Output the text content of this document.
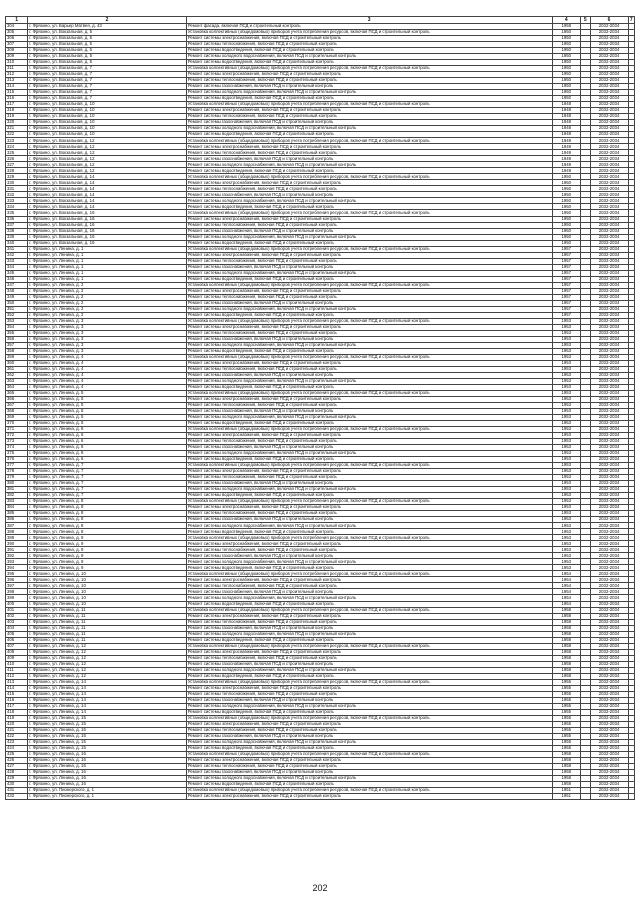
1	2	3	4	5	6	7
304	г. Фрязино, ул. Барьер Матвея, д. 43	Ремонт фасада, включая ПСД и строительный контроль	1958		2032-2034	
305	г. Фрязино, ул. Вокзальная, д. 5	Установка коллективных (общедомовых) приборов учета потребления ресурсов, включая ПСД и строительный контроль	1950		2032-2034	
306	г. Фрязино, ул. Вокзальная, д. 5	Ремонт системы электроснабжения, включая ПСД и строительный контроль	1950		2032-2034	
307	г. Фрязино, ул. Вокзальная, д. 5	Ремонт системы теплоснабжения, включая ПСД и строительный контроль	1950		2032-2034	
308	г. Фрязино, ул. Вокзальная, д. 5	Ремонт системы водоотведения, включая ПСД и строительный контроль	1950		2032-2034	
309	г. Фрязино, ул. Вокзальная, д. 5	Ремонт системы холодного водоснабжения, включая ПСД и строительный контроль	1950		2032-2034	
310	г. Фрязино, ул. Вокзальная, д. 5	Ремонт системы водоотведения, включая ПСД и строительный контроль	1950		2032-2034	
311	г. Фрязино, ул. Вокзальная, д. 7	Установка коллективных (общедомовых) приборов учета потребления ресурсов, включая ПСД и строительный контроль	1950		2032-2034	
312	г. Фрязино, ул. Вокзальная, д. 7	Ремонт системы электроснабжения, включая ПСД и строительный контроль	1950		2032-2034	
313	г. Фрязино, ул. Вокзальная, д. 7	Ремонт системы теплоснабжения, включая ПСД и строительный контроль	1950		2032-2034	
314	г. Фрязино, ул. Вокзальная, д. 7	Ремонт системы газоснабжения, включая ПСД и строительный контроль	1950		2032-2034	
315	г. Фрязино, ул. Вокзальная, д. 7	Ремонт системы холодного водоснабжения, включая ПСД и строительный контроль	1950		2032-2034	
316	г. Фрязино, ул. Вокзальная, д. 7	Ремонт системы водоотведения, включая ПСД и строительный контроль	1950		2032-2034	
317	г. Фрязино, ул. Вокзальная, д. 10	Установка коллективных (общедомовых) приборов учета потребления ресурсов, включая ПСД и строительный контроль	1948		2032-2034	
318	г. Фрязино, ул. Вокзальная, д. 10	Ремонт системы электроснабжения, включая ПСД и строительный контроль	1948		2032-2034	
319	г. Фрязино, ул. Вокзальная, д. 10	Ремонт системы теплоснабжения, включая ПСД и строительный контроль	1948		2032-2034	
320	г. Фрязино, ул. Вокзальная, д. 10	Ремонт системы газоснабжения, включая ПСД и строительный контроль	1948		2032-2034	
321	г. Фрязино, ул. Вокзальная, д. 10	Ремонт системы холодного водоснабжения, включая ПСД и строительный контроль	1948		2032-2034	
322	г. Фрязино, ул. Вокзальная, д. 10	Ремонт системы водоотведения, включая ПСД и строительный контроль	1948		2032-2034	
323	г. Фрязино, ул. Вокзальная, д. 12	Установка коллективных (общедомовых) приборов учета потребления ресурсов, включая ПСД и строительный контроль	1949		2032-2034	
324	г. Фрязино, ул. Вокзальная, д. 12	Ремонт системы электроснабжения, включая ПСД и строительный контроль	1949		2032-2034	
325	г. Фрязино, ул. Вокзальная, д. 12	Ремонт системы теплоснабжения, включая ПСД и строительный контроль	1949		2032-2034	
326	г. Фрязино, ул. Вокзальная, д. 12	Ремонт системы газоснабжения, включая ПСД и строительный контроль	1949		2032-2034	
327	г. Фрязино, ул. Вокзальная, д. 12	Ремонт системы холодного водоснабжения, включая ПСД и строительный контроль	1949		2032-2034	
328	г. Фрязино, ул. Вокзальная, д. 12	Ремонт системы водоотведения, включая ПСД и строительный контроль	1949		2032-2034	
329	г. Фрязино, ул. Вокзальная, д. 14	Установка коллективных (общедомовых) приборов учета потребления ресурсов, включая ПСД и строительный контроль	1950		2032-2034	
330	г. Фрязино, ул. Вокзальная, д. 14	Ремонт системы электроснабжения, включая ПСД и строительный контроль	1950		2032-2034	
331	г. Фрязино, ул. Вокзальная, д. 14	Ремонт системы теплоснабжения, включая ПСД и строительный контроль	1950		2032-2034	
332	г. Фрязино, ул. Вокзальная, д. 14	Ремонт системы газоснабжения, включая ПСД и строительный контроль	1950		2032-2034	
333	г. Фрязино, ул. Вокзальная, д. 14	Ремонт системы холодного водоснабжения, включая ПСД и строительный контроль	1950		2032-2034	
334	г. Фрязино, ул. Вокзальная, д. 14	Ремонт системы водоотведения, включая ПСД и строительный контроль	1950		2032-2034	
335	г. Фрязино, ул. Вокзальная, д. 16	Установка коллективных (общедомовых) приборов учета потребления ресурсов, включая ПСД и строительный контроль	1950		2032-2034	
336	г. Фрязино, ул. Вокзальная, д. 16	Ремонт системы электроснабжения, включая ПСД и строительный контроль	1950		2032-2034	
337	г. Фрязино, ул. Вокзальная, д. 16	Ремонт системы теплоснабжения, включая ПСД и строительный контроль	1950		2032-2034	
338	г. Фрязино, ул. Вокзальная, д. 16	Ремонт системы газоснабжения, включая ПСД и строительный контроль	1950		2032-2034	
339	г. Фрязино, ул. Вокзальная, д. 16	Ремонт системы холодного водоснабжения, включая ПСД и строительный контроль	1950		2032-2034	
340	г. Фрязино, ул. Вокзальная, д. 16	Ремонт системы водоотведения, включая ПСД и строительный контроль	1950		2032-2034	
341	г. Фрязино, ул. Ленина, д. 1	Установка коллективных (общедомовых) приборов учета потребления ресурсов, включая ПСД и строительный контроль	1957		2032-2034	
342	г. Фрязино, ул. Ленина, д. 1	Ремонт системы электроснабжения, включая ПСД и строительный контроль	1957		2032-2034	
343	г. Фрязино, ул. Ленина, д. 1	Ремонт системы теплоснабжения, включая ПСД и строительный контроль	1957		2032-2034	
344	г. Фрязино, ул. Ленина, д. 1	Ремонт системы газоснабжения, включая ПСД и строительный контроль	1957		2032-2034	
345	г. Фрязино, ул. Ленина, д. 1	Ремонт системы холодного водоснабжения, включая ПСД и строительный контроль	1957		2032-2034	
346	г. Фрязино, ул. Ленина, д. 1	Ремонт системы водоотведения, включая ПСД и строительный контроль	1957		2032-2034	
347	г. Фрязино, ул. Ленина, д. 2	Установка коллективных (общедомовых) приборов учета потребления ресурсов, включая ПСД и строительный контроль	1957		2032-2034	
348	г. Фрязино, ул. Ленина, д. 2	Ремонт системы электроснабжения, включая ПСД и строительный контроль	1957		2032-2034	
349	г. Фрязино, ул. Ленина, д. 2	Ремонт системы теплоснабжения, включая ПСД и строительный контроль	1957		2032-2034	
350	г. Фрязино, ул. Ленина, д. 2	Ремонт системы газоснабжения, включая ПСД и строительный контроль	1957		2032-2034	
351	г. Фрязино, ул. Ленина, д. 2	Ремонт системы холодного водоснабжения, включая ПСД и строительный контроль	1957		2032-2034	
352	г. Фрязино, ул. Ленина, д. 2	Ремонт системы водоотведения, включая ПСД и строительный контроль	1957		2032-2034	
353	г. Фрязино, ул. Ленина, д. 3	Установка коллективных (общедомовых) приборов учета потребления ресурсов, включая ПСД и строительный контроль	1953		2032-2034	
354	г. Фрязино, ул. Ленина, д. 3	Ремонт системы электроснабжения, включая ПСД и строительный контроль	1953		2032-2034	
355	г. Фрязино, ул. Ленина, д. 3	Ремонт системы теплоснабжения, включая ПСД и строительный контроль	1953		2032-2034	
356	г. Фрязино, ул. Ленина, д. 3	Ремонт системы газоснабжения, включая ПСД и строительный контроль	1953		2032-2034	
357	г. Фрязино, ул. Ленина, д. 3	Ремонт системы холодного водоснабжения, включая ПСД и строительный контроль	1953		2032-2034	
358	г. Фрязино, ул. Ленина, д. 3	Ремонт системы водоотведения, включая ПСД и строительный контроль	1953		2032-2034	
359	г. Фрязино, ул. Ленина, д. 4	Установка коллективных (общедомовых) приборов учета потребления ресурсов, включая ПСД и строительный контроль	1953		2032-2034	
360	г. Фрязино, ул. Ленина, д. 4	Ремонт системы электроснабжения, включая ПСД и строительный контроль	1953		2032-2034	
361	г. Фрязино, ул. Ленина, д. 4	Ремонт системы теплоснабжения, включая ПСД и строительный контроль	1953		2032-2034	
362	г. Фрязино, ул. Ленина, д. 4	Ремонт системы газоснабжения, включая ПСД и строительный контроль	1953		2032-2034	
363	г. Фрязино, ул. Ленина, д. 4	Ремонт системы холодного водоснабжения, включая ПСД и строительный контроль	1953		2032-2034	
364	г. Фрязино, ул. Ленина, д. 4	Ремонт системы водоотведения, включая ПСД и строительный контроль	1953		2032-2034	
365	г. Фрязино, ул. Ленина, д. 5	Установка коллективных (общедомовых) приборов учета потребления ресурсов, включая ПСД и строительный контроль	1953		2032-2034	
366	г. Фрязино, ул. Ленина, д. 5	Ремонт системы электроснабжения, включая ПСД и строительный контроль	1953		2032-2034	
367	г. Фрязино, ул. Ленина, д. 5	Ремонт системы теплоснабжения, включая ПСД и строительный контроль	1953		2032-2034	
368	г. Фрязино, ул. Ленина, д. 5	Ремонт системы газоснабжения, включая ПСД и строительный контроль	1953		2032-2034	
369	г. Фрязино, ул. Ленина, д. 5	Ремонт системы холодного водоснабжения, включая ПСД и строительный контроль	1953		2032-2034	
370	г. Фрязино, ул. Ленина, д. 5	Ремонт системы водоотведения, включая ПСД и строительный контроль	1953		2032-2034	
371	г. Фрязино, ул. Ленина, д. 6	Установка коллективных (общедомовых) приборов учета потребления ресурсов, включая ПСД и строительный контроль	1953		2032-2034	
372	г. Фрязино, ул. Ленина, д. 6	Ремонт системы электроснабжения, включая ПСД и строительный контроль	1953		2032-2034	
373	г. Фрязино, ул. Ленина, д. 6	Ремонт системы теплоснабжения, включая ПСД и строительный контроль	1953		2032-2034	
374	г. Фрязино, ул. Ленина, д. 6	Ремонт системы газоснабжения, включая ПСД и строительный контроль	1953		2032-2034	
375	г. Фрязино, ул. Ленина, д. 6	Ремонт системы холодного водоснабжения, включая ПСД и строительный контроль	1953		2032-2034	
376	г. Фрязино, ул. Ленина, д. 6	Ремонт системы водоотведения, включая ПСД и строительный контроль	1953		2032-2034	
377	г. Фрязино, ул. Ленина, д. 7	Установка коллективных (общедомовых) приборов учета потребления ресурсов, включая ПСД и строительный контроль	1953		2032-2034	
378	г. Фрязино, ул. Ленина, д. 7	Ремонт системы электроснабжения, включая ПСД и строительный контроль	1953		2032-2034	
379	г. Фрязино, ул. Ленина, д. 7	Ремонт системы теплоснабжения, включая ПСД и строительный контроль	1953		2032-2034	
380	г. Фрязино, ул. Ленина, д. 7	Ремонт системы газоснабжения, включая ПСД и строительный контроль	1953		2032-2034	
381	г. Фрязино, ул. Ленина, д. 7	Ремонт системы холодного водоснабжения, включая ПСД и строительный контроль	1953		2032-2034	
382	г. Фрязино, ул. Ленина, д. 7	Ремонт системы водоотведения, включая ПСД и строительный контроль	1953		2032-2034	
383	г. Фрязино, ул. Ленина, д. 8	Установка коллективных (общедомовых) приборов учета потребления ресурсов, включая ПСД и строительный контроль	1953		2032-2034	
384	г. Фрязино, ул. Ленина, д. 8	Ремонт системы электроснабжения, включая ПСД и строительный контроль	1953		2032-2034	
385	г. Фрязино, ул. Ленина, д. 8	Ремонт системы теплоснабжения, включая ПСД и строительный контроль	1953		2032-2034	
386	г. Фрязино, ул. Ленина, д. 8	Ремонт системы газоснабжения, включая ПСД и строительный контроль	1953		2032-2034	
387	г. Фрязино, ул. Ленина, д. 8	Ремонт системы холодного водоснабжения, включая ПСД и строительный контроль	1953		2032-2034	
388	г. Фрязино, ул. Ленина, д. 8	Ремонт системы водоотведения, включая ПСД и строительный контроль	1953		2032-2034	
389	г. Фрязино, ул. Ленина, д. 9	Установка коллективных (общедомовых) приборов учета потребления ресурсов, включая ПСД и строительный контроль	1953		2032-2034	
390	г. Фрязино, ул. Ленина, д. 9	Ремонт системы электроснабжения, включая ПСД и строительный контроль	1953		2032-2034	
391	г. Фрязино, ул. Ленина, д. 9	Ремонт системы теплоснабжения, включая ПСД и строительный контроль	1953		2032-2034	
392	г. Фрязино, ул. Ленина, д. 9	Ремонт системы газоснабжения, включая ПСД и строительный контроль	1953		2032-2034	
393	г. Фрязино, ул. Ленина, д. 9	Ремонт системы холодного водоснабжения, включая ПСД и строительный контроль	1953		2032-2034	
394	г. Фрязино, ул. Ленина, д. 9	Ремонт системы водоотведения, включая ПСД и строительный контроль	1953		2032-2034	
395	г. Фрязино, ул. Ленина, д. 10	Установка коллективных (общедомовых) приборов учета потребления ресурсов, включая ПСД и строительный контроль	1954		2032-2034	
396	г. Фрязино, ул. Ленина, д. 10	Ремонт системы электроснабжения, включая ПСД и строительный контроль	1954		2032-2034	
397	г. Фрязино, ул. Ленина, д. 10	Ремонт системы теплоснабжения, включая ПСД и строительный контроль	1954		2032-2034	
398	г. Фрязино, ул. Ленина, д. 10	Ремонт системы газоснабжения, включая ПСД и строительный контроль	1954		2032-2034	
399	г. Фрязино, ул. Ленина, д. 10	Ремонт системы холодного водоснабжения, включая ПСД и строительный контроль	1954		2032-2034	
400	г. Фрязино, ул. Ленина, д. 10	Ремонт системы водоотведения, включая ПСД и строительный контроль	1954		2032-2034	
401	г. Фрязино, ул. Ленина, д. 11	Установка коллективных (общедомовых) приборов учета потребления ресурсов, включая ПСД и строительный контроль	1958		2032-2034	
402	г. Фрязино, ул. Ленина, д. 11	Ремонт системы электроснабжения, включая ПСД и строительный контроль	1958		2032-2034	
403	г. Фрязино, ул. Ленина, д. 11	Ремонт системы теплоснабжения, включая ПСД и строительный контроль	1958		2032-2034	
404	г. Фрязино, ул. Ленина, д. 11	Ремонт системы газоснабжения, включая ПСД и строительный контроль	1958		2032-2034	
405	г. Фрязино, ул. Ленина, д. 11	Ремонт системы холодного водоснабжения, включая ПСД и строительный контроль	1958		2032-2034	
406	г. Фрязино, ул. Ленина, д. 11	Ремонт системы водоотведения, включая ПСД и строительный контроль	1958		2032-2034	
407	г. Фрязино, ул. Ленина, д. 12	Установка коллективных (общедомовых) приборов учета потребления ресурсов, включая ПСД и строительный контроль	1958		2032-2034	
408	г. Фрязино, ул. Ленина, д. 12	Ремонт системы электроснабжения, включая ПСД и строительный контроль	1958		2032-2034	
409	г. Фрязино, ул. Ленина, д. 12	Ремонт системы теплоснабжения, включая ПСД и строительный контроль	1958		2032-2034	
410	г. Фрязино, ул. Ленина, д. 12	Ремонт системы газоснабжения, включая ПСД и строительный контроль	1958		2032-2034	
411	г. Фрязино, ул. Ленина, д. 12	Ремонт системы холодного водоснабжения, включая ПСД и строительный контроль	1958		2032-2034	
412	г. Фрязино, ул. Ленина, д. 12	Ремонт системы водоотведения, включая ПСД и строительный контроль	1958		2032-2034	
413	г. Фрязино, ул. Ленина, д. 14	Установка коллективных (общедомовых) приборов учета потребления ресурсов, включая ПСД и строительный контроль	1955		2032-2034	
414	г. Фрязино, ул. Ленина, д. 14	Ремонт системы электроснабжения, включая ПСД и строительный контроль	1955		2032-2034	
415	г. Фрязино, ул. Ленина, д. 14	Ремонт системы теплоснабжения, включая ПСД и строительный контроль	1955		2032-2034	
416	г. Фрязино, ул. Ленина, д. 14	Ремонт системы газоснабжения, включая ПСД и строительный контроль	1955		2032-2034	
417	г. Фрязино, ул. Ленина, д. 14	Ремонт системы холодного водоснабжения, включая ПСД и строительный контроль	1955		2032-2034	
418	г. Фрязино, ул. Ленина, д. 14	Ремонт системы водоотведения, включая ПСД и строительный контроль	1955		2032-2034	
419	г. Фрязино, ул. Ленина, д. 15	Установка коллективных (общедомовых) приборов учета потребления ресурсов, включая ПСД и строительный контроль	1955		2032-2034	
420	г. Фрязино, ул. Ленина, д. 15	Ремонт системы электроснабжения, включая ПСД и строительный контроль	1955		2032-2034	
421	г. Фрязино, ул. Ленина, д. 15	Ремонт системы теплоснабжения, включая ПСД и строительный контроль	1955		2032-2034	
422	г. Фрязино, ул. Ленина, д. 15	Ремонт системы газоснабжения, включая ПСД и строительный контроль	1955		2032-2034	
423	г. Фрязино, ул. Ленина, д. 15	Ремонт системы холодного водоснабжения, включая ПСД и строительный контроль	1955		2032-2034	
424	г. Фрязино, ул. Ленина, д. 15	Ремонт системы водоотведения, включая ПСД и строительный контроль	1955		2032-2034	
425	г. Фрязино, ул. Ленина, д. 16	Установка коллективных (общедомовых) приборов учета потребления ресурсов, включая ПСД и строительный контроль	1958		2032-2034	
426	г. Фрязино, ул. Ленина, д. 16	Ремонт системы электроснабжения, включая ПСД и строительный контроль	1958		2032-2034	
427	г. Фрязино, ул. Ленина, д. 16	Ремонт системы теплоснабжения, включая ПСД и строительный контроль	1958		2032-2034	
428	г. Фрязино, ул. Ленина, д. 16	Ремонт системы газоснабжения, включая ПСД и строительный контроль	1958		2032-2034	
429	г. Фрязино, ул. Ленина, д. 16	Ремонт системы холодного водоснабжения, включая ПСД и строительный контроль	1958		2032-2034	
430	г. Фрязино, ул. Ленина, д. 16	Ремонт системы водоотведения, включая ПСД и строительный контроль	1958		2032-2034	
431	г. Фрязино, ул. Пионерского, д. 1	Установка коллективных (общедомовых) приборов учета потребления ресурсов, включая ПСД и строительный контроль	1951		2032-2034	
432	г. Фрязино, ул. Пионерского, д. 1	Ремонт системы электроснабжения, включая ПСД и строительный контроль	1951		2032-2034	
202
